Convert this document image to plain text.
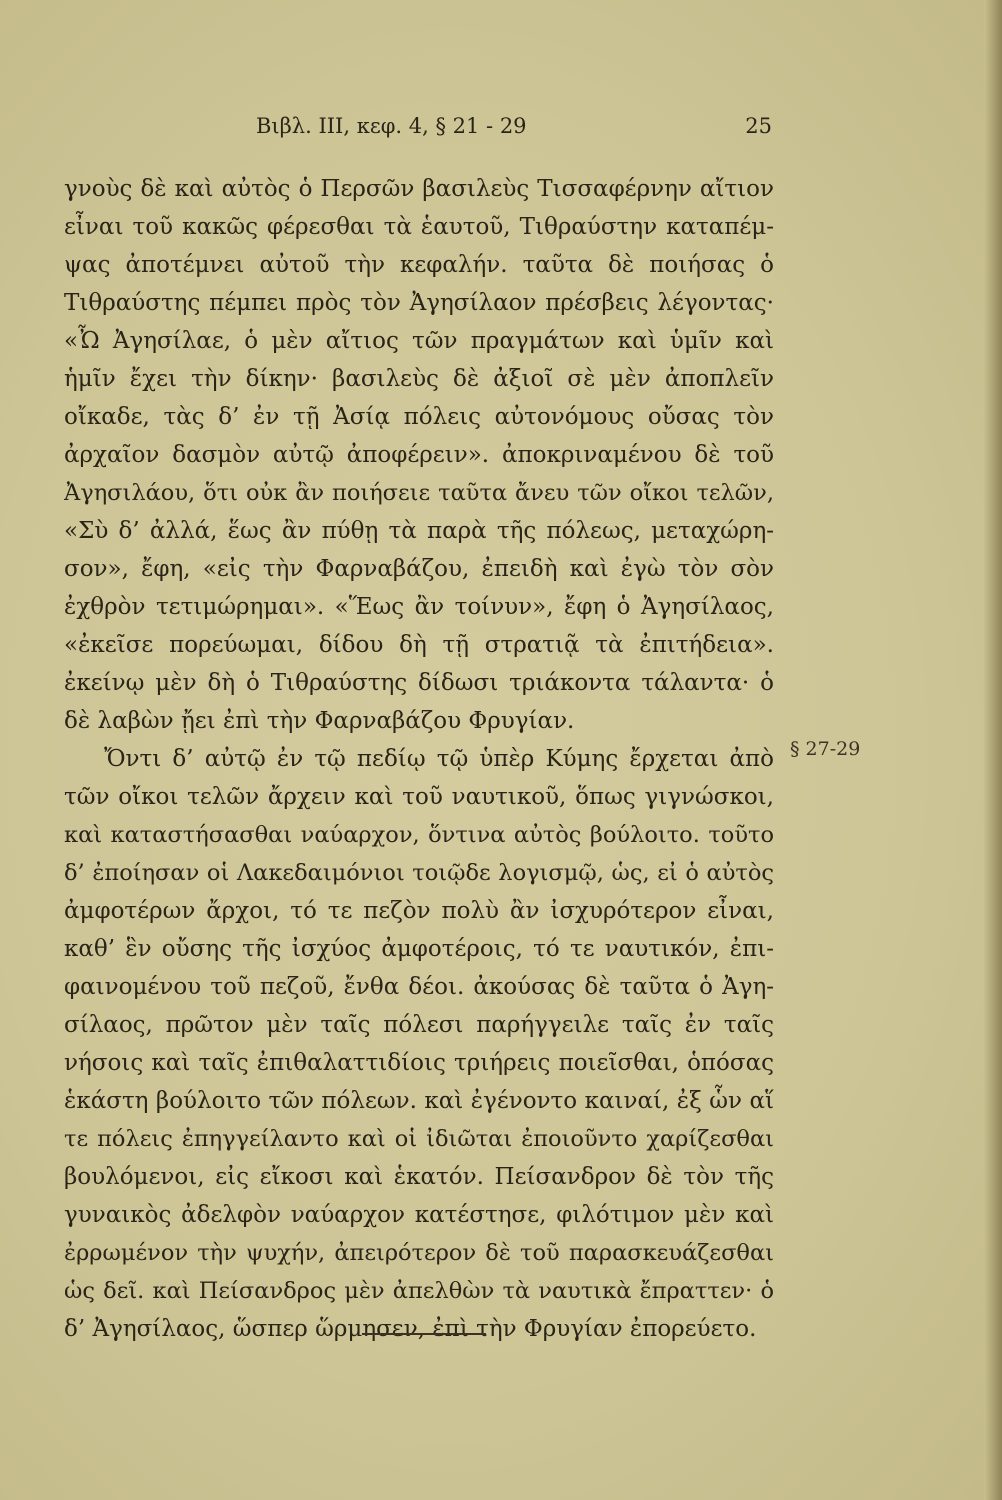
Βιβλ. ΙΙΙ, κεφ. 4, § 21 - 29	25
γνοὺς δὲ καὶ αὐτὸς ὁ Περσῶν βασιλεὺς Τισσαφέρνην αἴτιον
εἶναι τοῦ κακῶς φέρεσθαι τὰ ἑαυτοῦ, Τιθραύστην καταπέμ-
ψας ἀποτέμνει αὐτοῦ τὴν κεφαλήν. ταῦτα δὲ ποιήσας ὁ
Τιθραύστης πέμπει πρὸς τὸν Ἀγησίλαον πρέσβεις λέγοντας·
«Ὦ Ἀγησίλαε, ὁ μὲν αἴτιος τῶν πραγμάτων καὶ ὑμῖν καὶ
ἡμῖν ἔχει τὴν δίκην· βασιλεὺς δὲ ἀξιοῖ σὲ μὲν ἀποπλεῖν
οἴκαδε, τὰς δ’ ἐν τῇ Ἀσίᾳ πόλεις αὐτονόμους οὔσας τὸν
ἀρχαῖον δασμὸν αὐτῷ ἀποφέρειν». ἀποκριναμένου δὲ τοῦ
Ἀγησιλάου, ὅτι οὐκ ἂν ποιήσειε ταῦτα ἄνευ τῶν οἴκοι τελῶν,
«Σὺ δ’ ἀλλά, ἕως ἂν πύθῃ τὰ παρὰ τῆς πόλεως, μεταχώρη-
σον», ἔφη, «εἰς τὴν Φαρναβάζου, ἐπειδὴ καὶ ἐγὼ τὸν σὸν
ἐχθρὸν τετιμώρημαι». «Ἕως ἂν τοίνυν», ἔφη ὁ Ἀγησίλαος,
«ἐκεῖσε πορεύωμαι, δίδου δὴ τῇ στρατιᾷ τὰ ἐπιτήδεια».
ἐκείνῳ μὲν δὴ ὁ Τιθραύστης δίδωσι τριάκοντα τάλαντα· ὁ
δὲ λαβὼν ᾔει ἐπὶ τὴν Φαρναβάζου Φρυγίαν.
Ὄντι δ’ αὐτῷ ἐν τῷ πεδίῳ τῷ ὑπὲρ Κύμης ἔρχεται ἀπὸ
τῶν οἴκοι τελῶν ἄρχειν καὶ τοῦ ναυτικοῦ, ὅπως γιγνώσκοι,
καὶ καταστήσασθαι ναύαρχον, ὅντινα αὐτὸς βούλοιτο. τοῦτο
δ’ ἐποίησαν οἱ Λακεδαιμόνιοι τοιῷδε λογισμῷ, ὡς, εἰ ὁ αὐτὸς
ἀμφοτέρων ἄρχοι, τό τε πεζὸν πολὺ ἂν ἰσχυρότερον εἶναι,
καθ’ ἓν οὔσης τῆς ἰσχύος ἀμφοτέροις, τό τε ναυτικόν, ἐπι-
φαινομένου τοῦ πεζοῦ, ἔνθα δέοι. ἀκούσας δὲ ταῦτα ὁ Ἀγη-
σίλαος, πρῶτον μὲν ταῖς πόλεσι παρήγγειλε ταῖς ἐν ταῖς
νήσοις καὶ ταῖς ἐπιθαλαττιδίοις τριήρεις ποιεῖσθαι, ὁπόσας
ἑκάστη βούλοιτο τῶν πόλεων. καὶ ἐγένοντο καιναί, ἐξ ὧν αἵ
τε πόλεις ἐπηγγείλαντο καὶ οἱ ἰδιῶται ἐποιοῦντο χαρίζεσθαι
βουλόμενοι, εἰς εἴκοσι καὶ ἑκατόν. Πείσανδρον δὲ τὸν τῆς
γυναικὸς ἀδελφὸν ναύαρχον κατέστησε, φιλότιμον μὲν καὶ
ἐρρωμένον τὴν ψυχήν, ἀπειρότερον δὲ τοῦ παρασκευάζεσθαι
ὡς δεῖ. καὶ Πείσανδρος μὲν ἀπελθὼν τὰ ναυτικὰ ἔπραττεν· ὁ
δ’ Ἀγησίλαος, ὥσπερ ὥρμησεν, ἐπὶ τὴν Φρυγίαν ἐπορεύετο.
§ 27-29
